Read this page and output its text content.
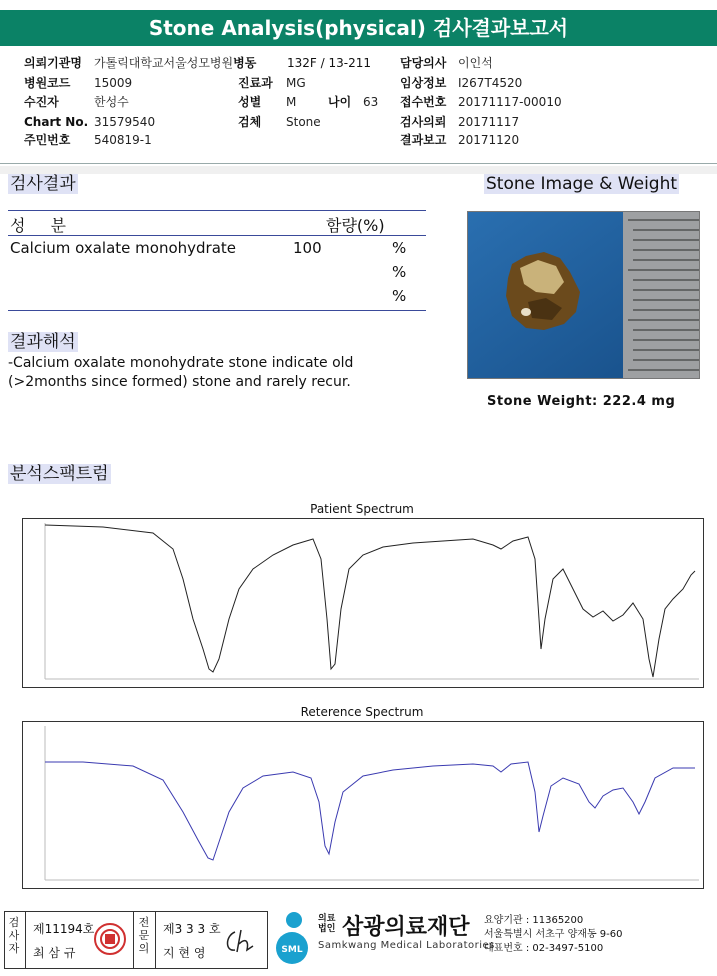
Stone Analysis(physical) 검사결과보고서
의뢰기관명 가톨릭대학교서울성모병원병동	132F / 13-211 담당의사 이인석
병원코드 15009	진료과 MG	임상정보 I267T4520
수진자	한성수	성별 M	나이 63 접수번호 20171117-00010
Chart No. 31579540	검체 Stone	검사의뢰 20171117
주민번호 540819-1	결과보고 20171120
검사결과	Stone Image & Weight
성 분	함량(%)
Calcium oxalate monohydrate	100	%
%
%
결과해석
-Calcium oxalate monohydrate stone indicate old
(>2months since formed) stone and rarely recur.
Stone Weight: 222.4 mg
분석스팩트럼
Patient Spectrum
Reterence Spectrum
검사자
제11194호
최 삼 규
전문의
제3 3 3 호
지 현 영	SML
의료
법인 삼광의료재단
Samkwang Medical Laboratories
요양기관 : 11365200
서울특별시 서초구 양재동 9-60
대표번호 : 02-3497-5100
